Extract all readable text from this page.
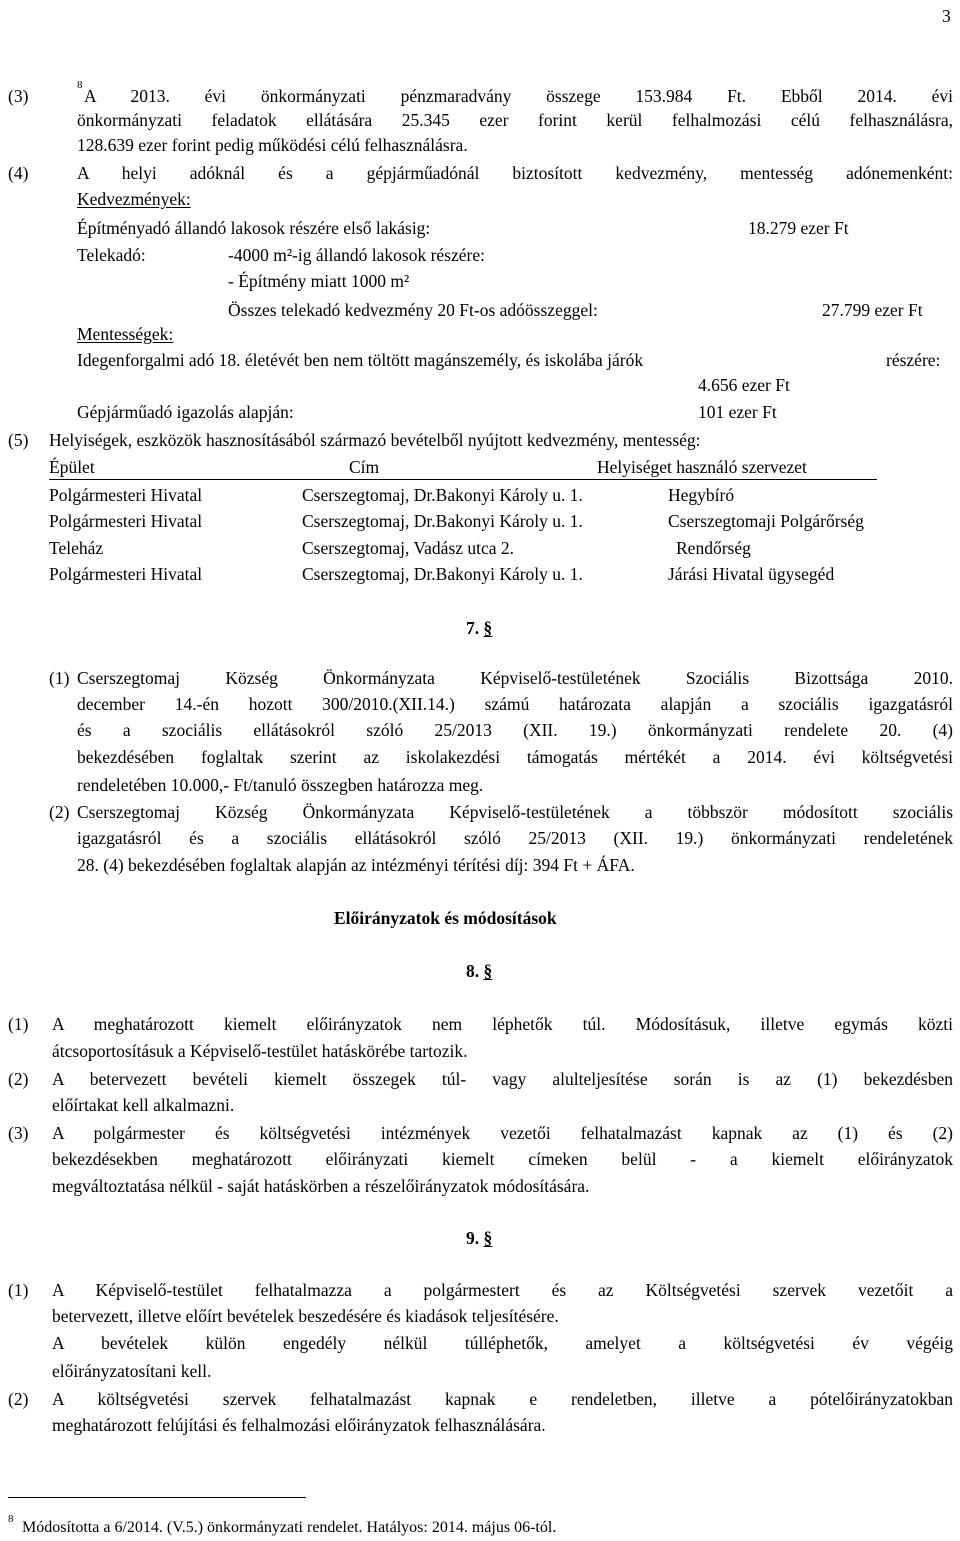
3
(3)
8
A 2013. évi önkormányzati pénzmaradvány összege 153.984 Ft. Ebből 2014. évi
önkormányzati feladatok ellátására 25.345 ezer forint kerül felhalmozási célú felhasználásra,
128.639 ezer forint pedig működési célú felhasználásra.
(4)	A helyi adóknál és a gépjárműadónál biztosított kedvezmény, mentesség adónemenként:
Kedvezmények:
Építményadó állandó lakosok részére első lakásig:	18.279 ezer Ft
Telekadó:	-4000 m²-ig állandó lakosok részére:
- Építmény miatt 1000 m²
Összes telekadó kedvezmény 20 Ft-os adóösszeggel:	27.799 ezer Ft
Mentességek:
Idegenforgalmi adó 18. életévét ben nem töltött magánszemély, és iskolába járók	részére:
4.656 ezer Ft
Gépjárműadó igazolás alapján:	101 ezer Ft
(5) Helyiségek, eszközök hasznosításából származó bevételből nyújtott kedvezmény, mentesség:
Épület	Cím	Helyiséget használó szervezet
Polgármesteri Hivatal	Cserszegtomaj, Dr.Bakonyi Károly u. 1.	Hegybíró
Polgármesteri Hivatal	Cserszegtomaj, Dr.Bakonyi Károly u. 1.	Cserszegtomaji Polgárőrség
Teleház	Cserszegtomaj, Vadász utca 2.	Rendőrség
Polgármesteri Hivatal	Cserszegtomaj, Dr.Bakonyi Károly u. 1.	Járási Hivatal ügysegéd
7. §
(1) Cserszegtomaj Község Önkormányzata Képviselő-testületének Szociális Bizottsága 2010.
december 14.-én hozott 300/2010.(XII.14.) számú határozata alapján a szociális igazgatásról
és a szociális ellátásokról szóló 25/2013 (XII. 19.) önkormányzati rendelete 20. (4)
bekezdésében foglaltak szerint az iskolakezdési támogatás mértékét a 2014. évi költségvetési
rendeletében 10.000,- Ft/tanuló összegben határozza meg.
(2) Cserszegtomaj Község Önkormányzata Képviselő-testületének a többször módosított szociális
igazgatásról és a szociális ellátásokról szóló 25/2013 (XII. 19.) önkormányzati rendeletének
28. (4) bekezdésében foglaltak alapján az intézményi térítési díj: 394 Ft + ÁFA.
Előirányzatok és módosítások
8. §
(1) A meghatározott kiemelt előirányzatok nem léphetők túl. Módosításuk, illetve egymás közti
átcsoportosításuk a Képviselő-testület hatáskörébe tartozik.
(2) A betervezett bevételi kiemelt összegek túl- vagy alulteljesítése során is az (1) bekezdésben
előírtakat kell alkalmazni.
(3) A polgármester és költségvetési intézmények vezetői felhatalmazást kapnak az (1) és (2)
bekezdésekben meghatározott előirányzati kiemelt címeken belül - a kiemelt előirányzatok
megváltoztatása nélkül - saját hatáskörben a részelőirányzatok módosítására.
9. §
(1) A Képviselő-testület felhatalmazza a polgármestert és az Költségvetési szervek vezetőit a
betervezett, illetve előírt bevételek beszedésére és kiadások teljesítésére.
A bevételek külön engedély nélkül túlléphetők, amelyet a költségvetési év végéig
előirányzatosítani kell.
(2) A költségvetési szervek felhatalmazást kapnak e rendeletben, illetve a pótelőirányzatokban
meghatározott felújítási és felhalmozási előirányzatok felhasználására.
8 Módosította a 6/2014. (V.5.) önkormányzati rendelet. Hatályos: 2014. május 06-tól.
